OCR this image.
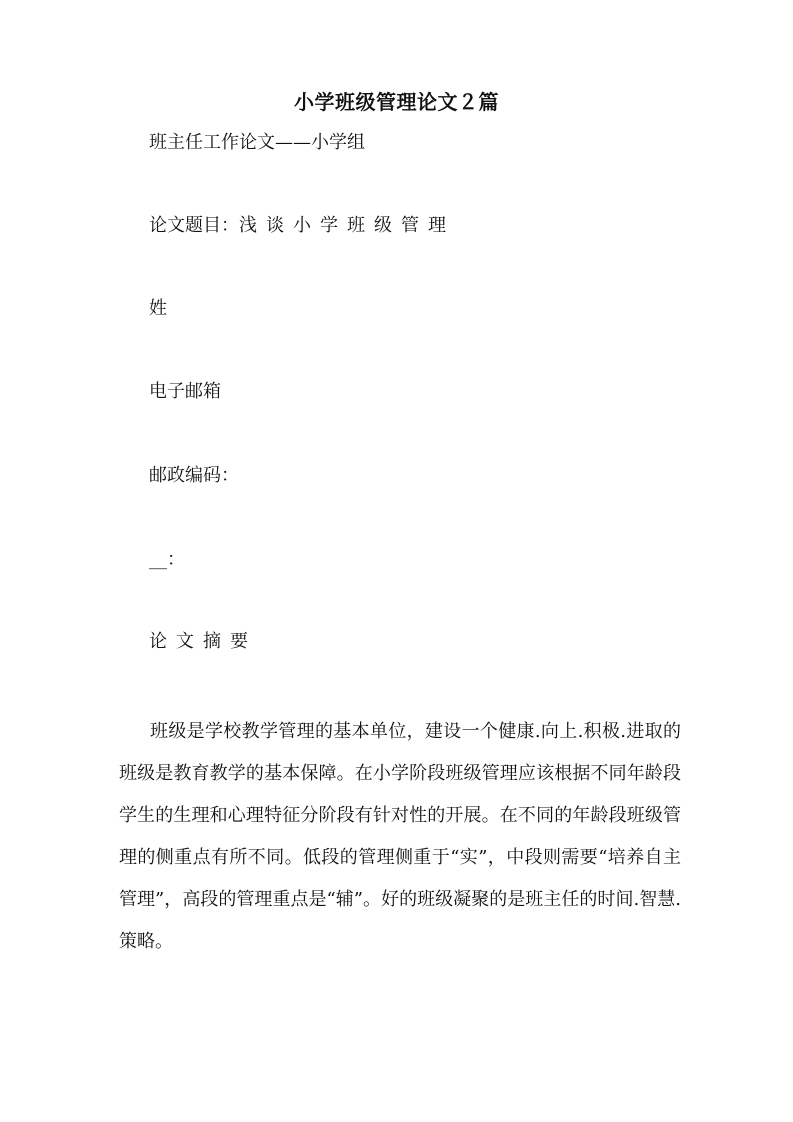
小学班级管理论文２篇

班主任工作论文——小学组

论文题目：浅谈小学班级管理

姓

电子邮箱

邮政编码：

__：

论文摘要

班级是学校教学管理的基本单位，建设一个健康.向上.积极.进取的班级是教育教学的基本保障。在小学阶段班级管理应该根据不同年龄段学生的生理和心理特征分阶段有针对性的开展。在不同的年龄段班级管理的侧重点有所不同。低段的管理侧重于“实”，中段则需要“培养自主管理”，高段的管理重点是“辅”。好的班级凝聚的是班主任的时间.智慧.策略。
